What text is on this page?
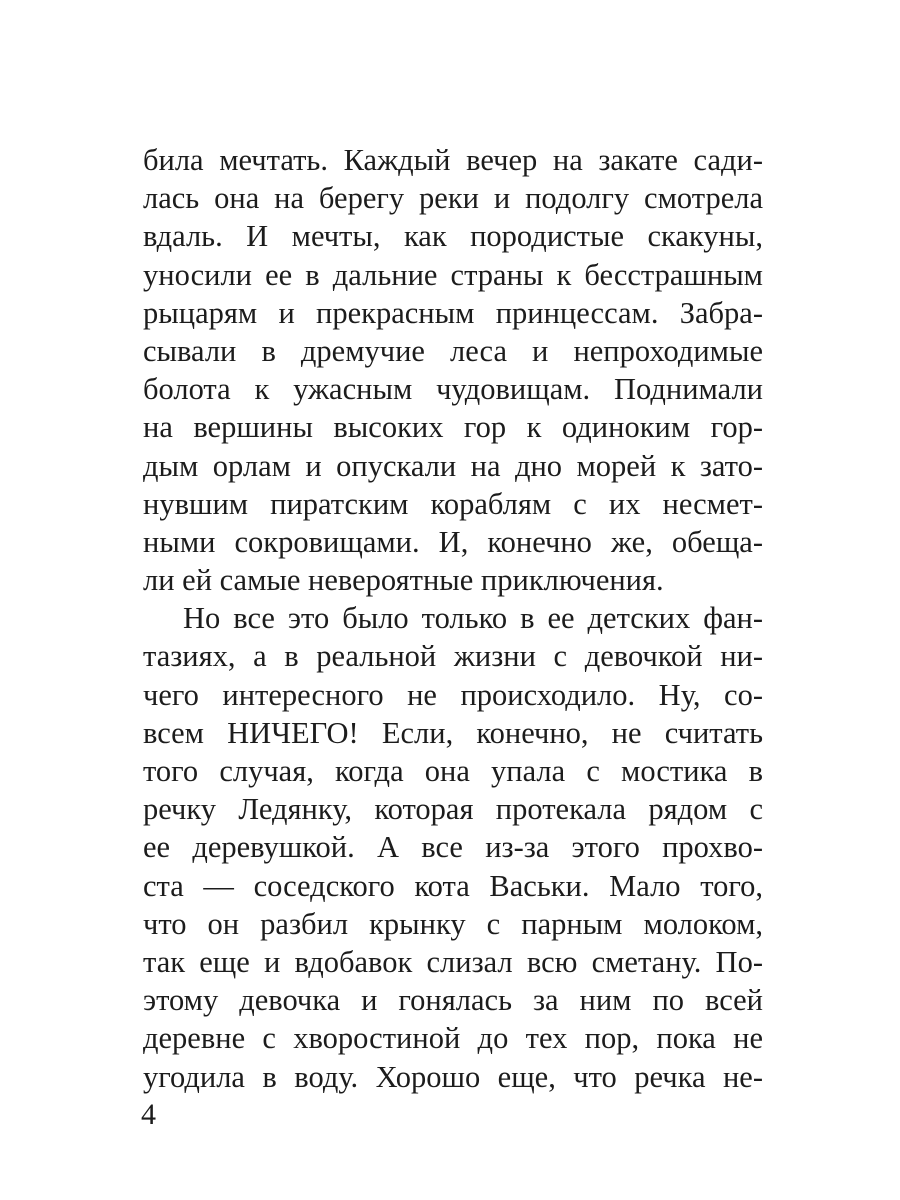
била мечтать. Каждый вечер на закате сади-
лась она на берегу реки и подолгу смотрела
вдаль. И мечты, как породистые скакуны,
уносили ее в дальние страны к бесстрашным
рыцарям и прекрасным принцессам. Забра-
сывали в дремучие леса и непроходимые
болота к ужасным чудовищам. Поднимали
на вершины высоких гор к одиноким гор-
дым орлам и опускали на дно морей к зато-
нувшим пиратским кораблям с их несмет-
ными сокровищами. И, конечно же, обеща-
ли ей самые невероятные приключения.
Но все это было только в ее детских фан-
тазиях, а в реальной жизни с девочкой ни-
чего интересного не происходило. Ну, со-
всем НИЧЕГО! Если, конечно, не считать
того случая, когда она упала с мостика в
речку Ледянку, которая протекала рядом с
ее деревушкой. А все из-за этого прохво-
ста — соседского кота Васьки. Мало того,
что он разбил крынку с парным молоком,
так еще и вдобавок слизал всю сметану. По-
этому девочка и гонялась за ним по всей
деревне с хворостиной до тех пор, пока не
угодила в воду. Хорошо еще, что речка не-
4
